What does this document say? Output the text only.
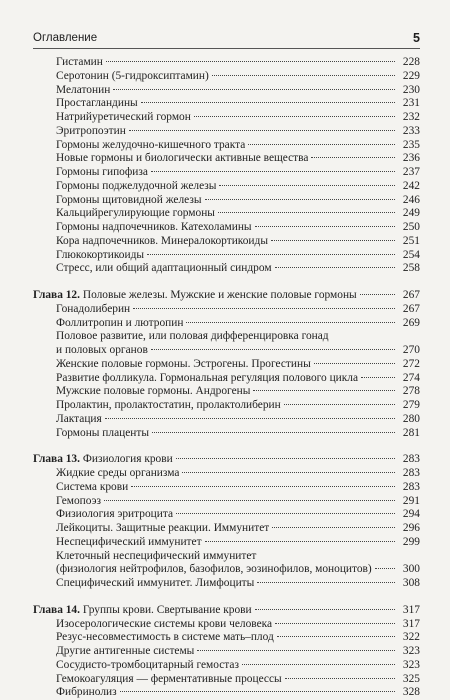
Оглавление	5
Гистамин	228
Серотонин (5-гидроксиптамин)	229
Мелатонин	230
Простагландины	231
Натрийуретический гормон	232
Эритропоэтин	233
Гормоны желудочно-кишечного тракта	235
Новые гормоны и биологически активные вещества	236
Гормоны гипофиза	237
Гормоны поджелудочной железы	242
Гормоны щитовидной железы	246
Кальцийрегулирующие гормоны	249
Гормоны надпочечников. Катехоламины	250
Кора надпочечников. Минералокортикоиды	251
Глюкокортикоиды	254
Стресс, или общий адаптационный синдром	258
Глава 12. Половые железы. Мужские и женские половые гормоны	267
Гонадолиберин	267
Фоллитропин и лютропин	269
Половое развитие, или половая дифференцировка гонад
и половых органов	270
Женские половые гормоны. Эстрогены. Прогестины	272
Развитие фолликула. Гормональная регуляция полового цикла	274
Мужские половые гормоны. Андрогены	278
Пролактин, пролактостатин, пролактолиберин	279
Лактация	280
Гормоны плаценты	281
Глава 13. Физиология крови	283
Жидкие среды организма	283
Система крови	283
Гемопоэз	291
Физиология эритроцита	294
Лейкоциты. Защитные реакции. Иммунитет	296
Неспецифический иммунитет	299
Клеточный неспецифический иммунитет
(физиология нейтрофилов, базофилов, эозинофилов, моноцитов)	300
Специфический иммунитет. Лимфоциты	308
Глава 14. Группы крови. Свертывание крови	317
Изосерологические системы крови человека	317
Резус-несовместимость в системе мать–плод	322
Другие антигенные системы	323
Сосудисто-тромбоцитарный гемостаз	323
Гемокоагуляция — ферментативные процессы	325
Фибринолиз	328
